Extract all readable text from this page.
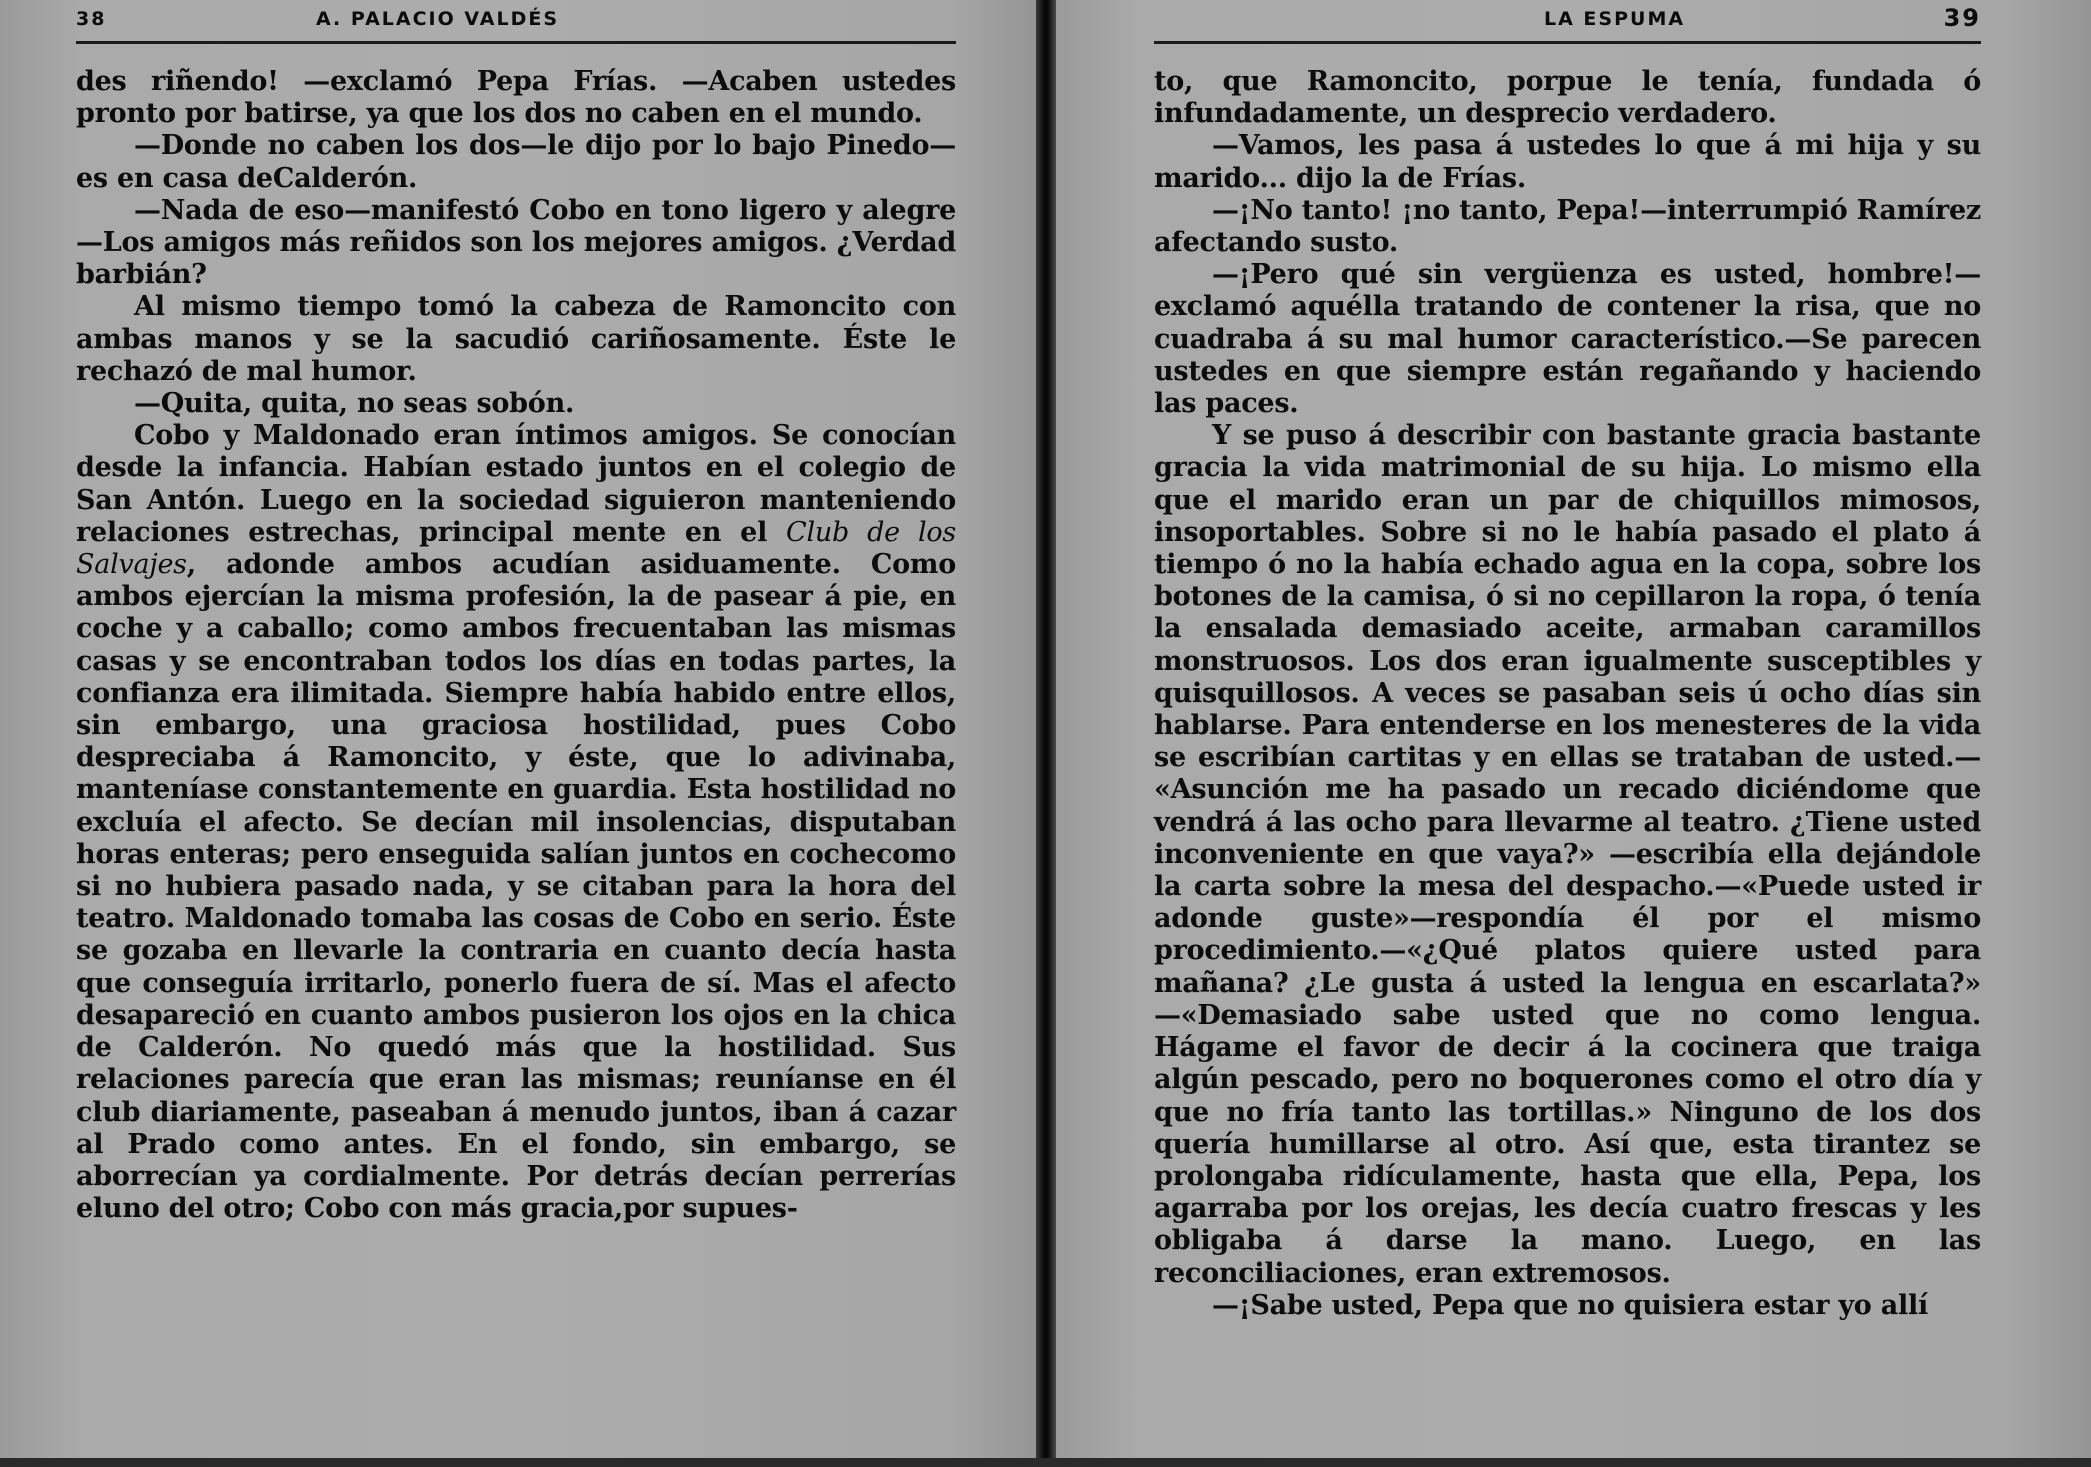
38	A. PALACIO VALDÉS

des riñendo! —exclamó Pepa Frías. —Acaben ustedes pronto por batirse, ya que los dos no caben en el mundo.

—Donde no caben los dos—le dijo por lo bajo Pinedo—es en casa deCalderón.

—Nada de eso—manifestó Cobo en tono ligero y alegre—Los amigos más reñidos son los mejores amigos. ¿Verdad barbián?

Al mismo tiempo tomó la cabeza de Ramoncito con ambas manos y se la sacudió cariñosamente. Éste le rechazó de mal humor.

—Quita, quita, no seas sobón.

Cobo y Maldonado eran íntimos amigos. Se conocían desde la infancia. Habían estado juntos en el colegio de San Antón. Luego en la sociedad siguieron manteniendo relaciones estrechas, principal mente en el Club de los Salvajes, adonde ambos acudían asiduamente. Como ambos ejercían la misma profesión, la de pasear á pie, en coche y a caballo; como ambos frecuentaban las mismas casas y se encontraban todos los días en todas partes, la confianza era ilimitada. Siempre había habido entre ellos, sin embargo, una graciosa hostilidad, pues Cobo despreciaba á Ramoncito, y éste, que lo adivinaba, manteníase constantemente en guardia. Esta hostilidad no excluía el afecto. Se decían mil insolencias, disputaban horas enteras; pero enseguida salían juntos en cochecomo si no hubiera pasado nada, y se citaban para la hora del teatro. Maldonado tomaba las cosas de Cobo en serio. Éste se gozaba en llevarle la contraria en cuanto decía hasta que conseguía irritarlo, ponerlo fuera de sí. Mas el afecto desapareció en cuanto ambos pusieron los ojos en la chica de Calderón. No quedó más que la hostilidad. Sus relaciones parecía que eran las mismas; reuníanse en él club diariamente, paseaban á menudo juntos, iban á cazar al Prado como antes. En el fondo, sin embargo, se aborrecían ya cordialmente. Por detrás decían perrerías eluno del otro; Cobo con más gracia,por supues-

LA ESPUMA	39

to, que Ramoncito, porpue le tenía, fundada ó infundadamente, un desprecio verdadero.

—Vamos, les pasa á ustedes lo que á mi hija y su marido... dijo la de Frías.

—¡No tanto! ¡no tanto, Pepa!—interrumpió Ramírez afectando susto.

—¡Pero qué sin vergüenza es usted, hombre!— exclamó aquélla tratando de contener la risa, que no cuadraba á su mal humor característico.—Se parecen ustedes en que siempre están regañando y haciendo las paces.

Y se puso á describir con bastante gracia bastante gracia la vida matrimonial de su hija. Lo mismo ella que el marido eran un par de chiquillos mimosos, insoportables. Sobre si no le había pasado el plato á tiempo ó no la había echado agua en la copa, sobre los botones de la camisa, ó si no cepillaron la ropa, ó tenía la ensalada demasiado aceite, armaban caramillos monstruosos. Los dos eran igualmente susceptibles y quisquillosos. A veces se pasaban seis ú ocho días sin hablarse. Para entenderse en los menesteres de la vida se escribían cartitas y en ellas se trataban de usted.— «Asunción me ha pasado un recado diciéndome que vendrá á las ocho para llevarme al teatro. ¿Tiene usted inconveniente en que vaya?» —escribía ella dejándole la carta sobre la mesa del despacho.—«Puede usted ir adonde guste»—respondía él por el mismo procedimiento.—«¿Qué platos quiere usted para mañana? ¿Le gusta á usted la lengua en escarlata?» —«Demasiado sabe usted que no como lengua. Hágame el favor de decir á la cocinera que traiga algún pescado, pero no boquerones como el otro día y que no fría tanto las tortillas.» Ninguno de los dos quería humillarse al otro. Así que, esta tirantez se prolongaba ridículamente, hasta que ella, Pepa, los agarraba por los orejas, les decía cuatro frescas y les obligaba á darse la mano. Luego, en las reconciliaciones, eran extremosos.

—¡Sabe usted, Pepa que no quisiera estar yo allí
